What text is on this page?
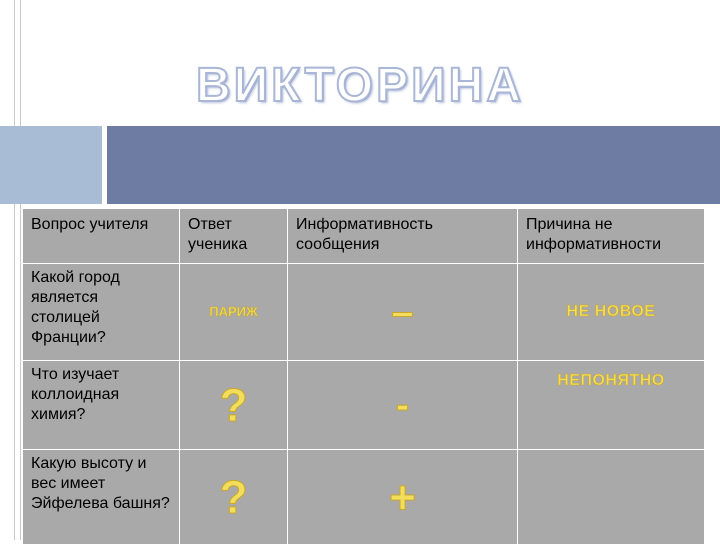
ВИКТОРИНА
Вопрос учителя	Ответ ученика	Информативность сообщения	Причина не информативности
Какой город является столицей Франции?	ПАРИЖ	–	НЕ НОВОЕ
Что изучает коллоидная химия?	?	-	НЕПОНЯТНО
Какую высоту и вес имеет Эйфелева башня?	?	+	
